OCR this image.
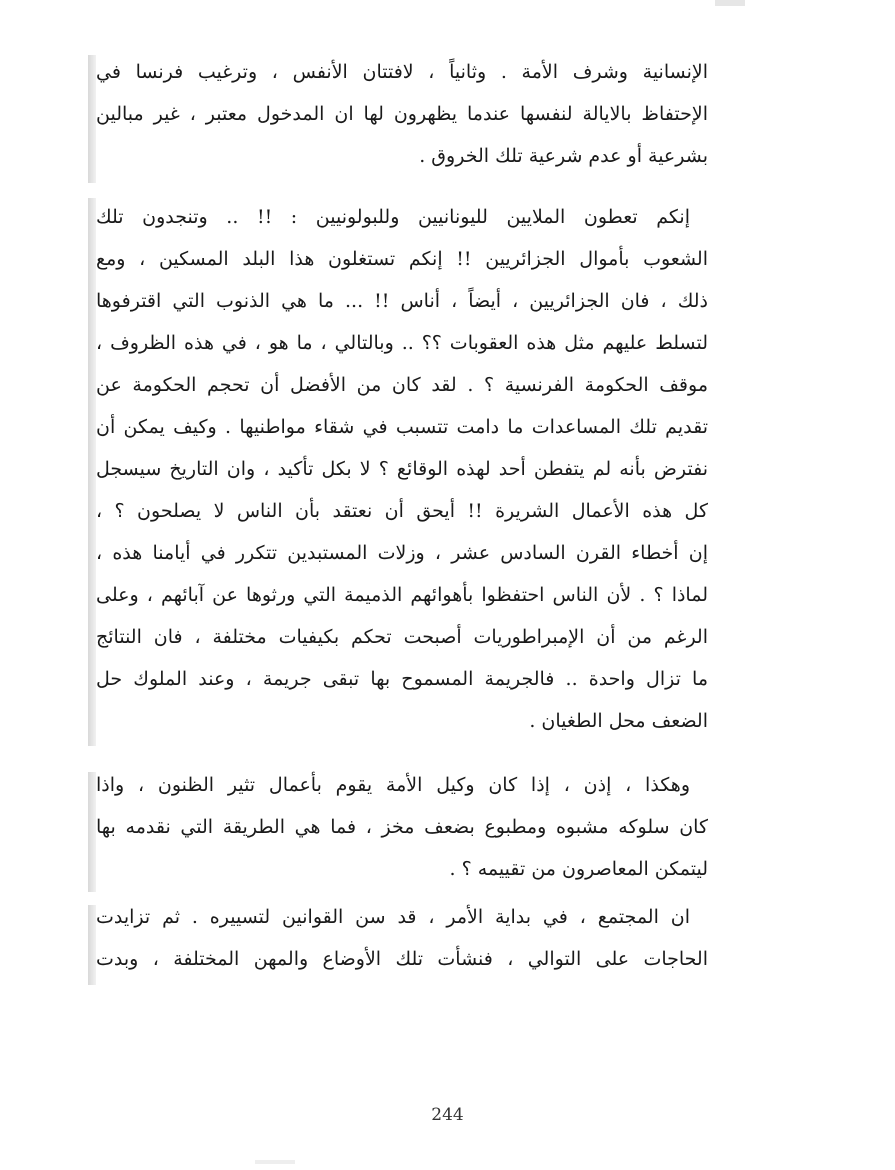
الإنسانية وشرف الأمة . وثانياً ، لافتتان الأنفس ، وترغيب فرنسا في
الإحتفاظ بالايالة لنفسها عندما يظهرون لها ان المدخول معتبر ، غير مبالين
بشرعية أو عدم شرعية تلك الخروق .
إنكم تعطون الملايين لليونانيين وللبولونيين : !! .. وتنجدون تلك
الشعوب بأموال الجزائريين !! إنكم تستغلون هذا البلد المسكين ، ومع
ذلك ، فان الجزائريين ، أيضاً ، أناس !! ... ما هي الذنوب التي اقترفوها
لتسلط عليهم مثل هذه العقوبات ؟؟ .. وبالتالي ، ما هو ، في هذه الظروف ،
موقف الحكومة الفرنسية ؟ . لقد كان من الأفضل أن تحجم الحكومة عن
تقديم تلك المساعدات ما دامت تتسبب في شقاء مواطنيها . وكيف يمكن أن
نفترض بأنه لم يتفطن أحد لهذه الوقائع ؟ لا بكل تأكيد ، وان التاريخ سيسجل
كل هذه الأعمال الشريرة !! أيحق أن نعتقد بأن الناس لا يصلحون ؟ ،
إن أخطاء القرن السادس عشر ، وزلات المستبدين تتكرر في أيامنا هذه ،
لماذا ؟ . لأن الناس احتفظوا بأهوائهم الذميمة التي ورثوها عن آبائهم ، وعلى
الرغم من أن الإمبراطوريات أصبحت تحكم بكيفيات مختلفة ، فان النتائج
ما تزال واحدة .. فالجريمة المسموح بها تبقى جريمة ، وعند الملوك حل
الضعف محل الطغيان .
وهكذا ، إذن ، إذا كان وكيل الأمة يقوم بأعمال تثير الظنون ، واذا
كان سلوكه مشبوه ومطبوع بضعف مخز ، فما هي الطريقة التي نقدمه بها
ليتمكن المعاصرون من تقييمه ؟ .
ان المجتمع ، في بداية الأمر ، قد سن القوانين لتسييره . ثم تزايدت
الحاجات على التوالي ، فنشأت تلك الأوضاع والمهن المختلفة ، وبدت
244
